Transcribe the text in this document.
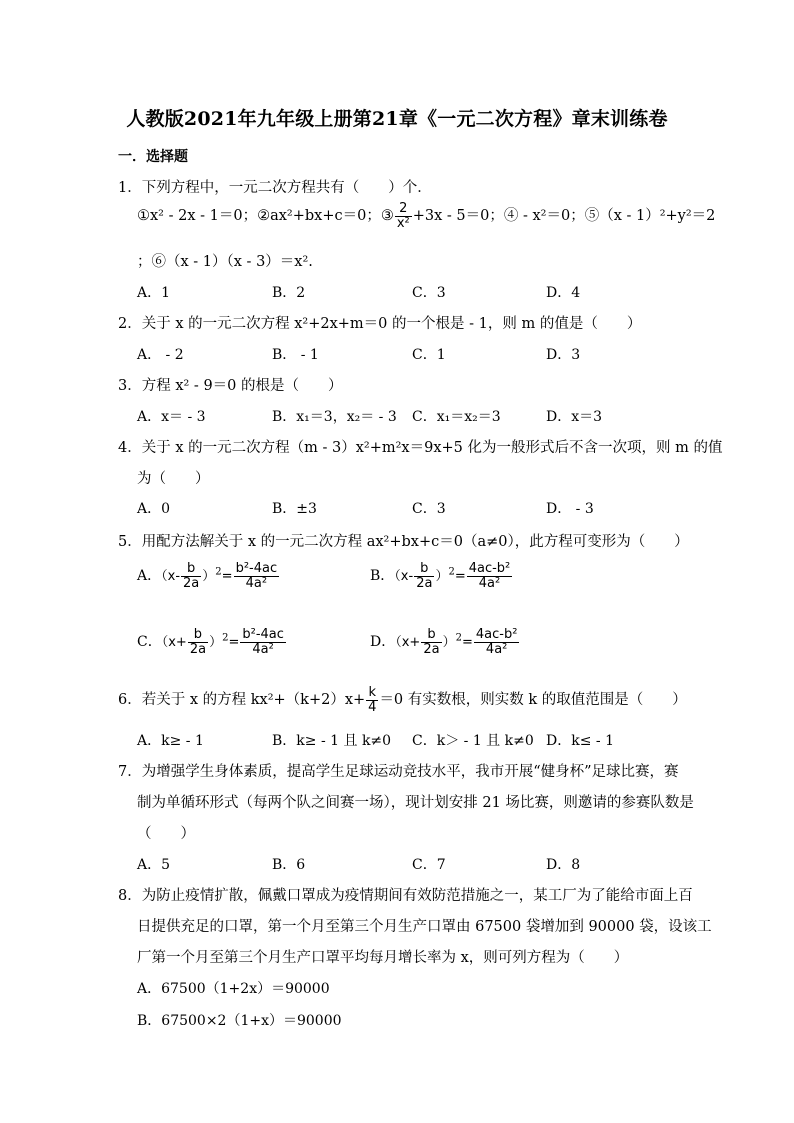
人教版2021年九年级上册第21章《一元二次方程》章末训练卷
一．选择题
1．下列方程中，一元二次方程共有（　　）个．
①x² - 2x - 1＝0；②ax²+bx+c＝0；③ $\frac{2}{\text{x²}} +3x - 5=0$；④ - x²＝0；⑤（x - 1）²+y²＝2
；⑥（x - 1）（x - 3）＝x².
A．1	B．2	C．3	D．4
2．关于 x 的一元二次方程 x²+2x+m＝0 的一个根是 - 1，则 m 的值是（　　）
A． - 2	B． - 1	C．1	D．3
3．方程 x² - 9＝0 的根是（　　）
A．x＝ - 3	B．x₁＝3，x₂＝ - 3 C．x₁＝x₂＝3	D．x＝3
4．关于 x 的一元二次方程（m - 3）x²+m²x＝9x+5 化为一般形式后不含一次项，则 m 的值
为（　　）
A．0	B．±3	C．3	D． - 3
5．用配方法解关于 x 的一元二次方程 ax²+bx+c＝0（a≠0），此方程可变形为（　　）
A．$(x- \frac{b}{2a} )^2= \frac{\text{b²-4ac}}{\text{4a²}}$	B．$(x- \frac{b}{2a} )^2= \frac{\text{4ac-b²}}{\text{4a²}}$
C．$(x+ \frac{b}{2a} )^2= \frac{\text{b²-4ac}}{\text{4a²}}$	D．$(x+ \frac{b}{2a} )^2= \frac{\text{4ac-b²}}{\text{4a²}}$
6．若关于 x 的方程 $kx^2+(k+2)x+ \frac{k}{4} =0$ 有实数根，则实数 k 的取值范围是（　　）
A．k≥ - 1	B．k≥ - 1 且 k≠0 C．k＞ - 1 且 k≠0 D．k≤ - 1
7．为增强学生身体素质，提高学生足球运动竞技水平，我市开展“健身杯”足球比赛，赛
制为单循环形式（每两个队之间赛一场），现计划安排 21 场比赛，则邀请的参赛队数是
（　　）
A．5	B．6	C．7	D．8
8．为防止疫情扩散，佩戴口罩成为疫情期间有效防范措施之一，某工厂为了能给市面上百
日提供充足的口罩，第一个月至第三个月生产口罩由 67500 袋增加到 90000 袋，设该工
厂第一个月至第三个月生产口罩平均每月增长率为 x，则可列方程为（　　）
A．67500（1+2x）＝90000
B．67500×2（1+x）＝90000
